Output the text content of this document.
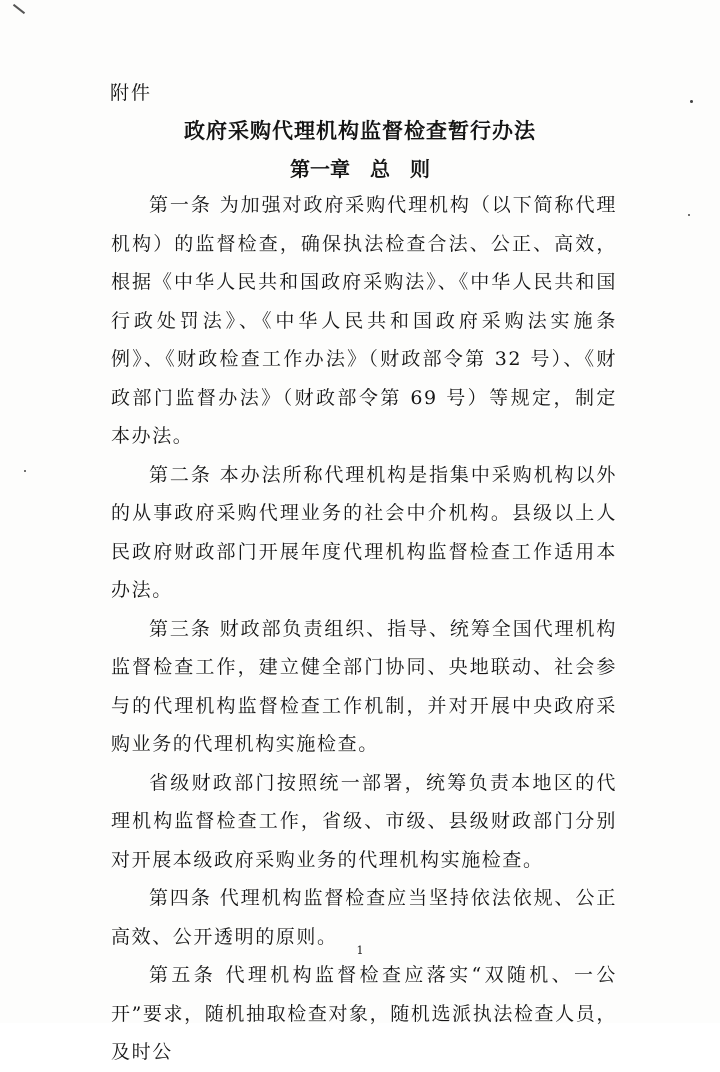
附件
政府采购代理机构监督检查暂行办法
第一章　总　则

第一条 为加强对政府采购代理机构（以下简称代理机构）的监督检查，确保执法检查合法、公正、高效，根据《中华人民共和国政府采购法》、《中华人民共和国行政处罚法》、《中华人民共和国政府采购法实施条例》、《财政检查工作办法》（财政部令第 32 号）、《财政部门监督办法》（财政部令第 69 号）等规定，制定本办法。

第二条 本办法所称代理机构是指集中采购机构以外的从事政府采购代理业务的社会中介机构。县级以上人民政府财政部门开展年度代理机构监督检查工作适用本办法。

第三条 财政部负责组织、指导、统筹全国代理机构监督检查工作，建立健全部门协同、央地联动、社会参与的代理机构监督检查工作机制，并对开展中央政府采购业务的代理机构实施检查。

省级财政部门按照统一部署，统筹负责本地区的代理机构监督检查工作，省级、市级、县级财政部门分别对开展本级政府采购业务的代理机构实施检查。

第四条 代理机构监督检查应当坚持依法依规、公正高效、公开透明的原则。

第五条 代理机构监督检查应落实“双随机、一公开”要求，随机抽取检查对象，随机选派执法检查人员，及时公

1
